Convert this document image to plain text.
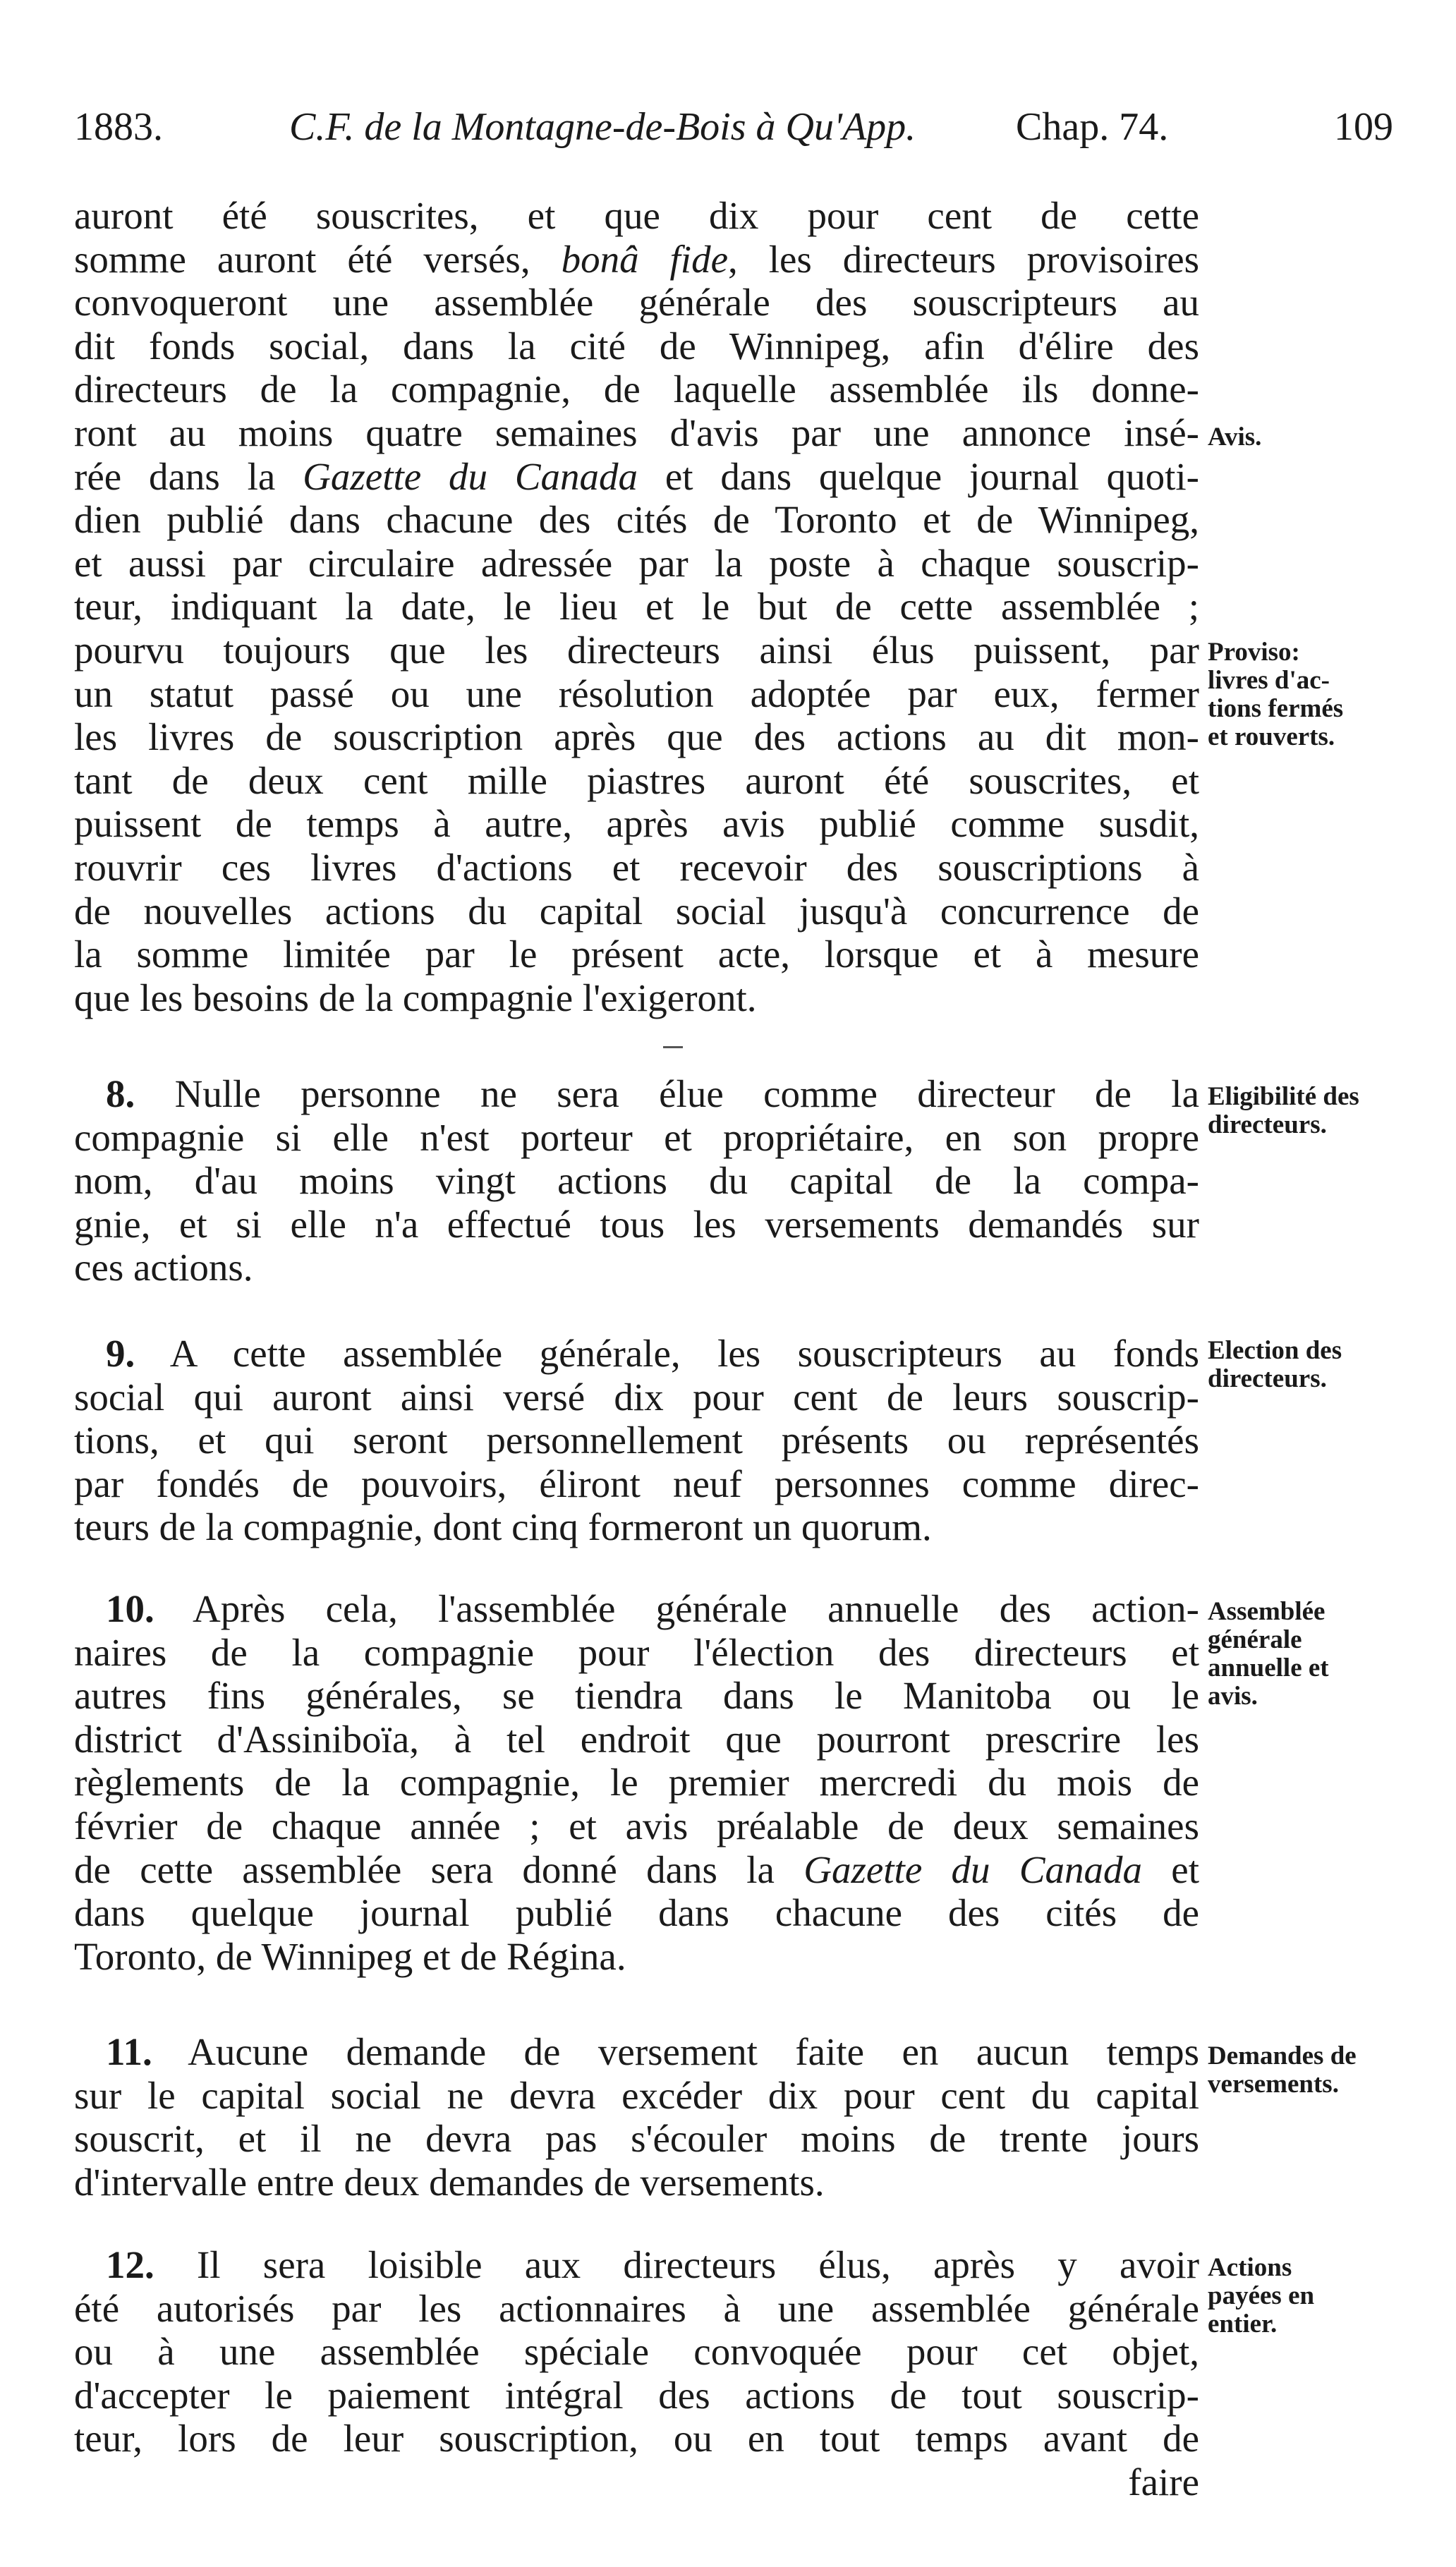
1883.	C.F. de la Montagne-de-Bois à Qu'App.	Chap. 74.	109
auront été souscrites, et que dix pour cent de cette
somme auront été versés, bonâ fide, les directeurs provisoires
convoqueront une assemblée générale des souscripteurs au
dit fonds social, dans la cité de Winnipeg, afin d'élire des
directeurs de la compagnie, de laquelle assemblée ils donne-
ront au moins quatre semaines d'avis par une annonce insé-
rée dans la Gazette du Canada et dans quelque journal quoti-
dien publié dans chacune des cités de Toronto et de Winnipeg,
et aussi par circulaire adressée par la poste à chaque souscrip-
teur, indiquant la date, le lieu et le but de cette assemblée ;
pourvu toujours que les directeurs ainsi élus puissent, par
un statut passé ou une résolution adoptée par eux, fermer
les livres de souscription après que des actions au dit mon-
tant de deux cent mille piastres auront été souscrites, et
puissent de temps à autre, après avis publié comme susdit,
rouvrir ces livres d'actions et recevoir des souscriptions à
de nouvelles actions du capital social jusqu'à concurrence de
la somme limitée par le présent acte, lorsque et à mesure
que les besoins de la compagnie l'exigeront.
8. Nulle personne ne sera élue comme directeur de la
compagnie si elle n'est porteur et propriétaire, en son propre
nom, d'au moins vingt actions du capital de la compa-
gnie, et si elle n'a effectué tous les versements demandés sur
ces actions.
9. A cette assemblée générale, les souscripteurs au fonds
social qui auront ainsi versé dix pour cent de leurs souscrip-
tions, et qui seront personnellement présents ou représentés
par fondés de pouvoirs, éliront neuf personnes comme direc-
teurs de la compagnie, dont cinq formeront un quorum.
10. Après cela, l'assemblée générale annuelle des action-
naires de la compagnie pour l'élection des directeurs et
autres fins générales, se tiendra dans le Manitoba ou le
district d'Assiniboïa, à tel endroit que pourront prescrire les
règlements de la compagnie, le premier mercredi du mois de
février de chaque année ; et avis préalable de deux semaines
de cette assemblée sera donné dans la Gazette du Canada et
dans quelque journal publié dans chacune des cités de
Toronto, de Winnipeg et de Régina.
11. Aucune demande de versement faite en aucun temps
sur le capital social ne devra excéder dix pour cent du capital
souscrit, et il ne devra pas s'écouler moins de trente jours
d'intervalle entre deux demandes de versements.
12. Il sera loisible aux directeurs élus, après y avoir
été autorisés par les actionnaires à une assemblée générale
ou à une assemblée spéciale convoquée pour cet objet,
d'accepter le paiement intégral des actions de tout souscrip-
teur, lors de leur souscription, ou en tout temps avant de
faire
Avis.
Proviso:
livres d'ac-
tions fermés
et rouverts.
Eligibilité des
directeurs.
Election des
directeurs.
Assemblée
générale
annuelle et
avis.
Demandes de
versements.
Actions
payées en
entier.
